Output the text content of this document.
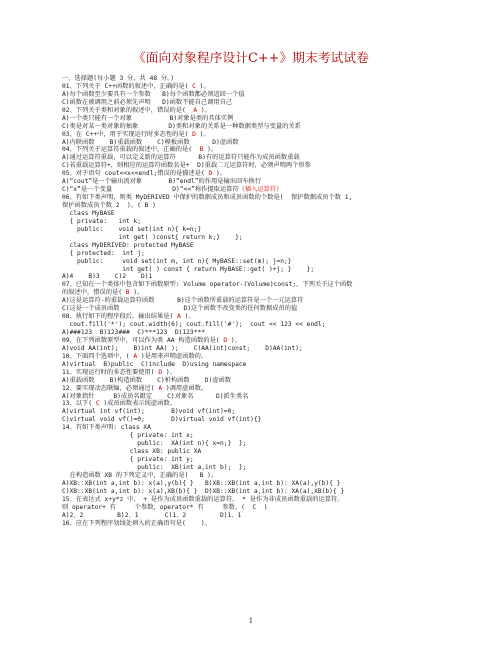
《面向对象程序设计C++》期末考试试卷
一、选择题(每小题 3 分，共 48 分。)
01、下列关于 C++函数的叙述中，正确的是( C )。
A)每个函数至少要具有一个参数   B)每个函数都必须返回一个值
C)函数在被调用之前必须先声明   D)函数不能自己调用自己
02、下列关于类和对象的叙述中，错误的是(  A )。
A)一个类只能有一个对象          B)对象是类的具体实例
C)类是对某一类对象的抽象        D)类和对象的关系是一种数据类型与变量的关系
03、在 C++中，用于实现运行时多态性的是( D )。
A)内联函数    B)重载函数    C)模板函数      D)虚函数
04、下列关于运算符重载的叙述中，正确的是(  B )。
A)通过运算符重载，可以定义新的运算符      B)有的运算符只能作为成员函数重载
C)若重载运算符+，则相应的运算符函数名是+  D)重载二元运算符时，必须声明两个形参
05、对于语句 cout<<x<<endl;错误的是描述是( D )。
A)“cout”是一个输出流对象       B)“endl”的作用是输出回车换行
C)“x”是一个变量                D)“<<”称作提取运算符（插入运算符）
06、有如下类声明，则类 MyDERIVED 中保护的数据成员和成员函数的个数是(  保护数据成员个数 1,
保护函数成员个数 2  )。( B )
class MyBASE
{ private:   int k;
public:    void set(int n){ k=n;}
int get( )const{ return k;}    };
class MyDERIVED: protected MyBASE
{ protected:  int j;
public:     void set(int m, int n){ MyBASE::set(m); j=n;}
int get( ) const { return MyBASE::get( )+j; }    };
A)4    B)3    C)2    D)1
07、已知在一个类体中包含如下函数原型: Volume operator-(Volume)const;，下列关于这个函数
的叙述中，错误的是( B )。
A)这是运算符-的重载运算符函数      B)这个函数所重载的运算符是一个一元运算符
C)这是一个成员函数                 D)这个函数不改变类的任何数据成员的值
08、执行如下的程序段后，输出结果是( A )。
cout.fill('*'); cout.width(6); cout.fill('#');  cout << 123 << endl;
A)###123  B)123###  C)***123  D)123***
09、在下列函数原型中，可以作为类 AA 构造函数的是( D )。
A)void AA(int);    B)int AA( );    C)AA(int)const;    D)AA(int);
10、下面四个选项中，( A )是用来声明虚函数的。
A)virtual  B)public  C)include  D)using namespace
11、实现运行时的多态性要使用( D )。
A)重载函数    B)构造函数    C)析构函数    D)虚函数
12、要实现动态联编，必须通过( A )调用虚函数。
A)对象指针     B)成员名限定    C)对象名      D)派生类名
13、以下( C )成员函数表示纯虚函数。
A)virtual int vf(int);       B)void vf(int)=0;
C)virtual void vf()=0;       D)virtual void vf(int){}
14、有如下类声明: class XA
{ private: int x;
public:  XA(int n){ x=n;}  };
class XB: public XA
{ private: int y;
public:  XB(int a,int b);  };
在构造函数 XB 的下列定义中，正确的是(   B )。
A)XB::XB(int a,int b): x(a),y(b){ }   B)XB::XB(int a,int b): XA(a),y(b){ }
C)XB::XB(int a,int b): x(a),XB(b){ }  D)XB::XB(int a,int b): XA(a),XB(b){ }
15、在表达式 x+y*z 中， + 是作为成员函数重载的运算符， * 是作为非成员函数重载的运算符。
则 operator+ 有     个参数，operator* 有     参数。(  C  )
A)2、2         B)2、1       C)1、2         D)1、1
16、应在下列程序划线处填入的正确语句是(    )。
1
